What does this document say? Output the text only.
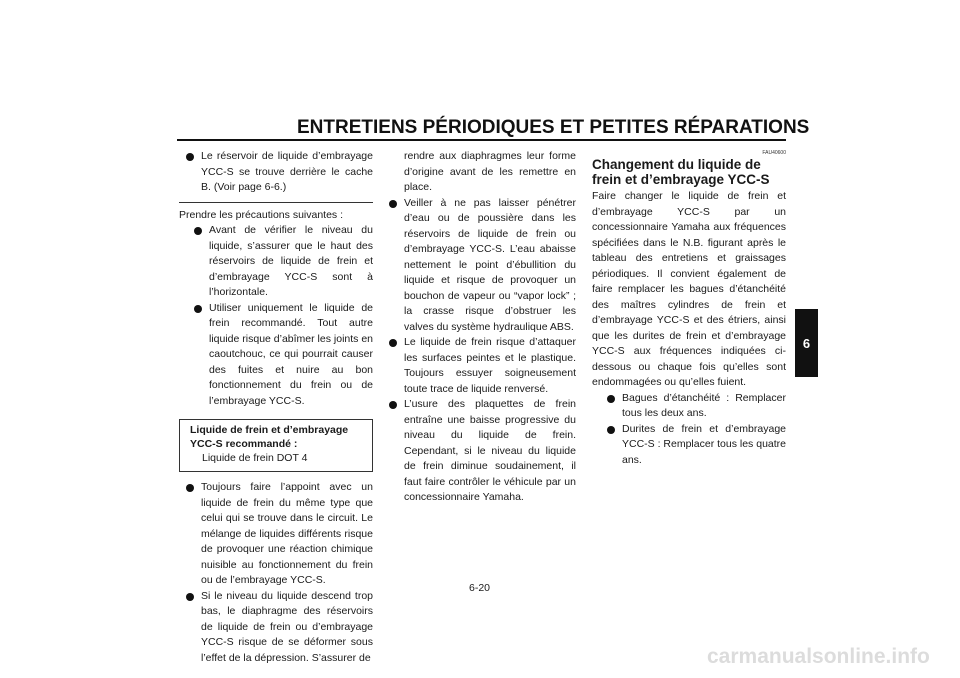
ENTRETIENS PÉRIODIQUES ET PETITES RÉPARATIONS
6

Le réservoir de liquide d’embrayage YCC-S se trouve derrière le cache B. (Voir page 6-6.)

Prendre les précautions suivantes :

Avant de vérifier le niveau du liquide, s’assurer que le haut des réservoirs de liquide de frein et d’embrayage YCC-S sont à l’horizontale.

Utiliser uniquement le liquide de frein recommandé. Tout autre liquide risque d’abîmer les joints en caoutchouc, ce qui pourrait causer des fuites et nuire au bon fonctionnement du frein ou de l’embrayage YCC-S.

Liquide de frein et d’embrayage YCC-S recommandé :

Liquide de frein DOT 4

Toujours faire l’appoint avec un liquide de frein du même type que celui qui se trouve dans le circuit. Le mélange de liquides différents risque de provoquer une réaction chimique nuisible au fonctionnement du frein ou de l’embrayage YCC-S.

Si le niveau du liquide descend trop bas, le diaphragme des réservoirs de liquide de frein ou d’embrayage YCC-S risque de se déformer sous l’effet de la dépression. S’assurer de

rendre aux diaphragmes leur forme d’origine avant de les remettre en place.

Veiller à ne pas laisser pénétrer d’eau ou de poussière dans les réservoirs de liquide de frein ou d’embrayage YCC-S. L’eau abaisse nettement le point d’ébullition du liquide et risque de provoquer un bouchon de vapeur ou “vapor lock” ; la crasse risque d’obstruer les valves du système hydraulique ABS.

Le liquide de frein risque d’attaquer les surfaces peintes et le plastique. Toujours essuyer soigneusement toute trace de liquide renversé.

L’usure des plaquettes de frein entraîne une baisse progressive du niveau du liquide de frein. Cependant, si le niveau du liquide de frein diminue soudainement, il faut faire contrôler le véhicule par un concessionnaire Yamaha.

FAU40600

Changement du liquide de frein et d’embrayage YCC-S

Faire changer le liquide de frein et d’embrayage YCC-S par un concessionnaire Yamaha aux fréquences spécifiées dans le N.B. figurant après le tableau des entretiens et graissages périodiques. Il convient également de faire remplacer les bagues d’étanchéité des maîtres cylindres de frein et d’embrayage YCC-S et des étriers, ainsi que les durites de frein et d’embrayage YCC-S aux fréquences indiquées ci-dessous ou chaque fois qu’elles sont endommagées ou qu’elles fuient.

Bagues d’étanchéité : Remplacer tous les deux ans.

Durites de frein et d’embrayage YCC-S : Remplacer tous les quatre ans.

6-20
carmanualsonline.info
